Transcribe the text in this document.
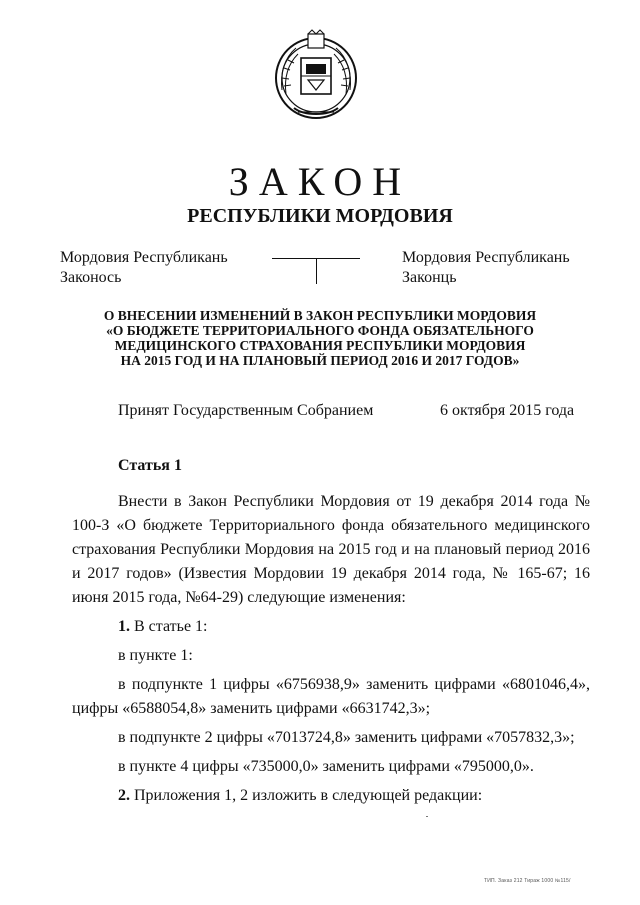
ЗАКОН
РЕСПУБЛИКИ МОРДОВИЯ
Мордовия Республикань
Законось
Мордовия Республикань
Законць
О ВНЕСЕНИИ ИЗМЕНЕНИЙ В ЗАКОН РЕСПУБЛИКИ МОРДОВИЯ
«О БЮДЖЕТЕ ТЕРРИТОРИАЛЬНОГО ФОНДА ОБЯЗАТЕЛЬНОГО
МЕДИЦИНСКОГО СТРАХОВАНИЯ РЕСПУБЛИКИ МОРДОВИЯ
НА 2015 ГОД И НА ПЛАНОВЫЙ ПЕРИОД 2016 И 2017 ГОДОВ»
Принят Государственным Собранием	6 октября 2015 года
Статья 1

Внести в Закон Республики Мордовия от 19 декабря 2014 года № 100-З «О бюджете Территориального фонда обязательного медицинского страхования Республики Мордовия на 2015 год и на плановый период 2016 и 2017 годов» (Известия Мордовии 19 декабря 2014 года, № 165-67; 16 июня 2015 года, №64-29) следующие изменения:

1. В статье 1:

в пункте 1:

в подпункте 1 цифры «6756938,9» заменить цифрами «6801046,4», цифры «6588054,8» заменить цифрами «6631742,3»;

в подпункте 2 цифры «7013724,8» заменить цифрами «7057832,3»;

в пункте 4 цифры «735000,0» заменить цифрами «795000,0».

2. Приложения 1, 2 изложить в следующей редакции:

ТИП. Заказ 212 Тираж 1000 №115/
